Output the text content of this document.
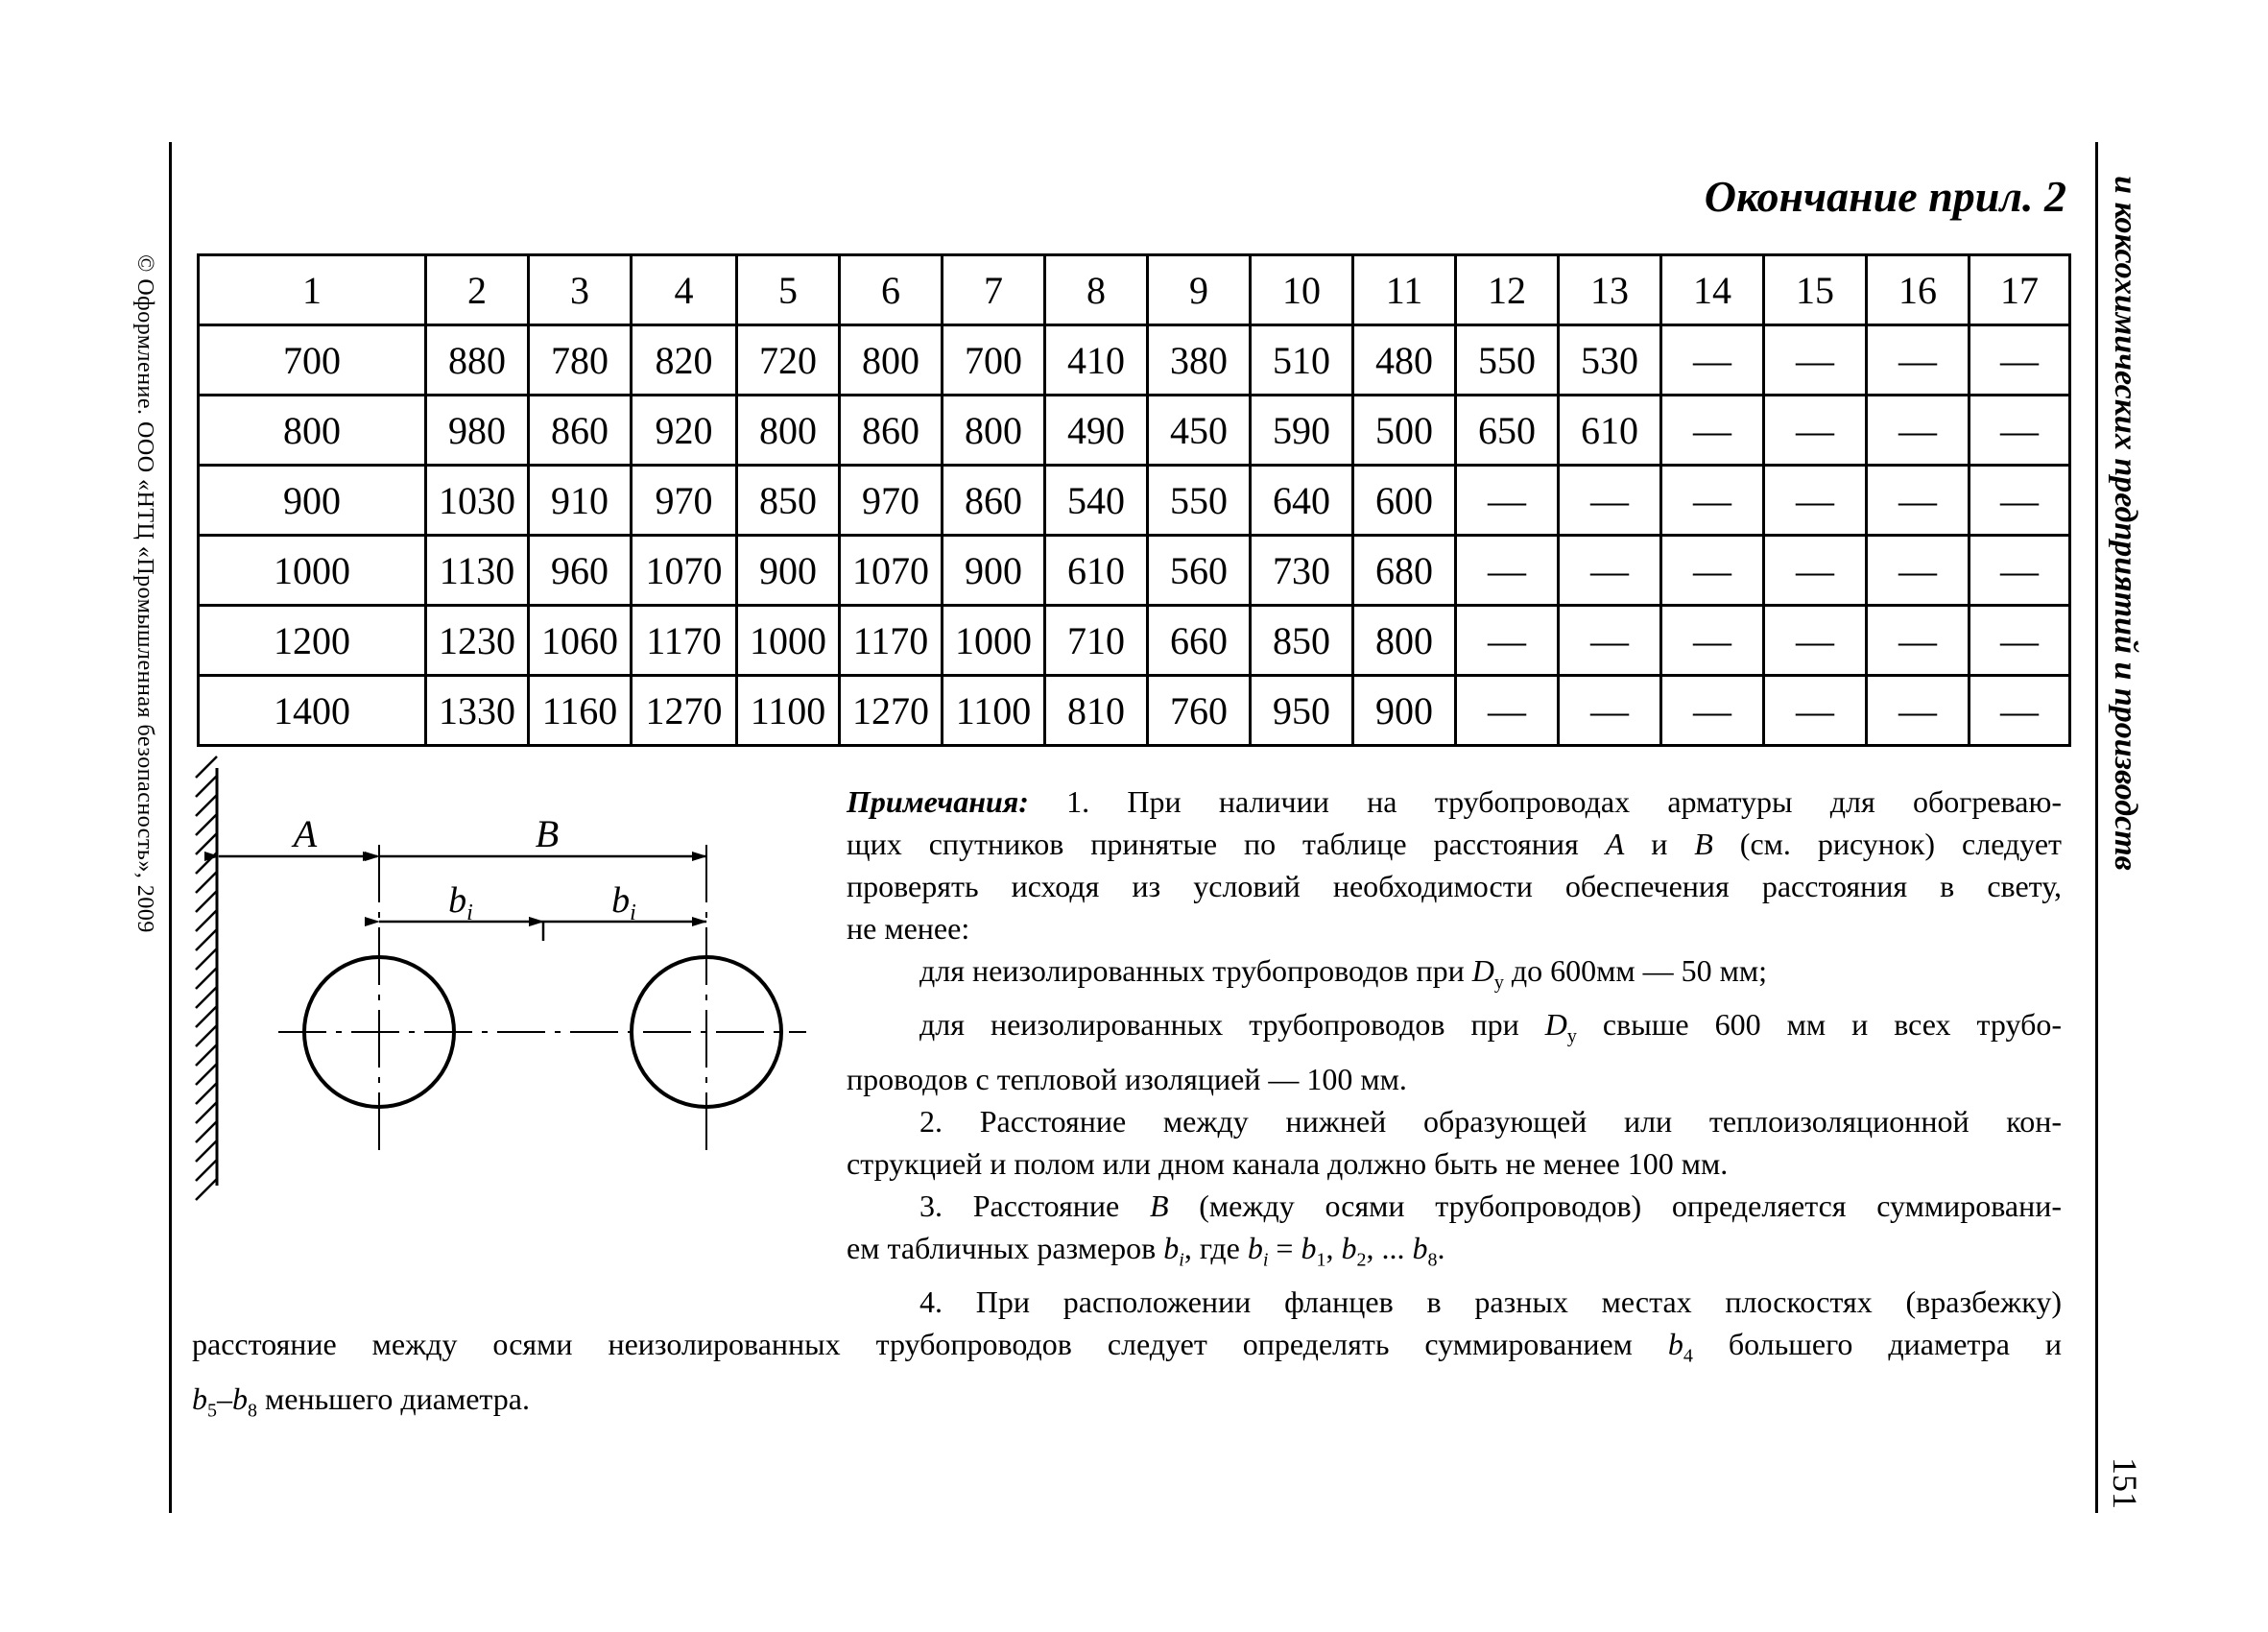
© Оформление. ООО «НТЦ «Промышленная безопасность», 2009	и коксохимических предприятий и производств
151
Окончание прил. 2
1	2	3	4	5	6	7	8	9	10	11	12	13	14	15	16	17
700	880	780	820	720	800	700	410	380	510	480	550	530	—	—	—	—
800	980	860	920	800	860	800	490	450	590	500	650	610	—	—	—	—
900	1030	910	970	850	970	860	540	550	640	600	—	—	—	—	—	—
1000	1130	960	1070	900	1070	900	610	560	730	680	—	—	—	—	—	—
1200	1230	1060	1170	1000	1170	1000	710	660	850	800	—	—	—	—	—	—
1400	1330	1160	1270	1100	1270	1100	810	760	950	900	—	—	—	—	—	—
A	B
$b_i$	$b_i$

Примечания: 1. При наличии на трубопроводах арматуры для обогреваю-

щих спутников принятые по таблице расстояния A и B (см. рисунок) следует

проверять исходя из условий необходимости обеспечения расстояния в свету,

не менее:

для неизолированных трубопроводов при $D_у$ до 600мм — 50 мм;

для неизолированных трубопроводов при $D_у$ свыше 600 мм и всех трубо-

проводов с тепловой изоляцией — 100 мм.

2. Расстояние между нижней образующей или теплоизоляционной кон-

струкцией и полом или дном канала должно быть не менее 100 мм.

3. Расстояние B (между осями трубопроводов) определяется суммировани-

ем табличных размеров $b_i$, где $b_i = b_1$, $b_2$, ... $b_8$.

4. При расположении фланцев в разных местах плоскостях (вразбежку)

расстояние между осями неизолированных трубопроводов следует определять суммированием $b_4$ большего диаметра и

$b_5-b_8$ меньшего диаметра.
